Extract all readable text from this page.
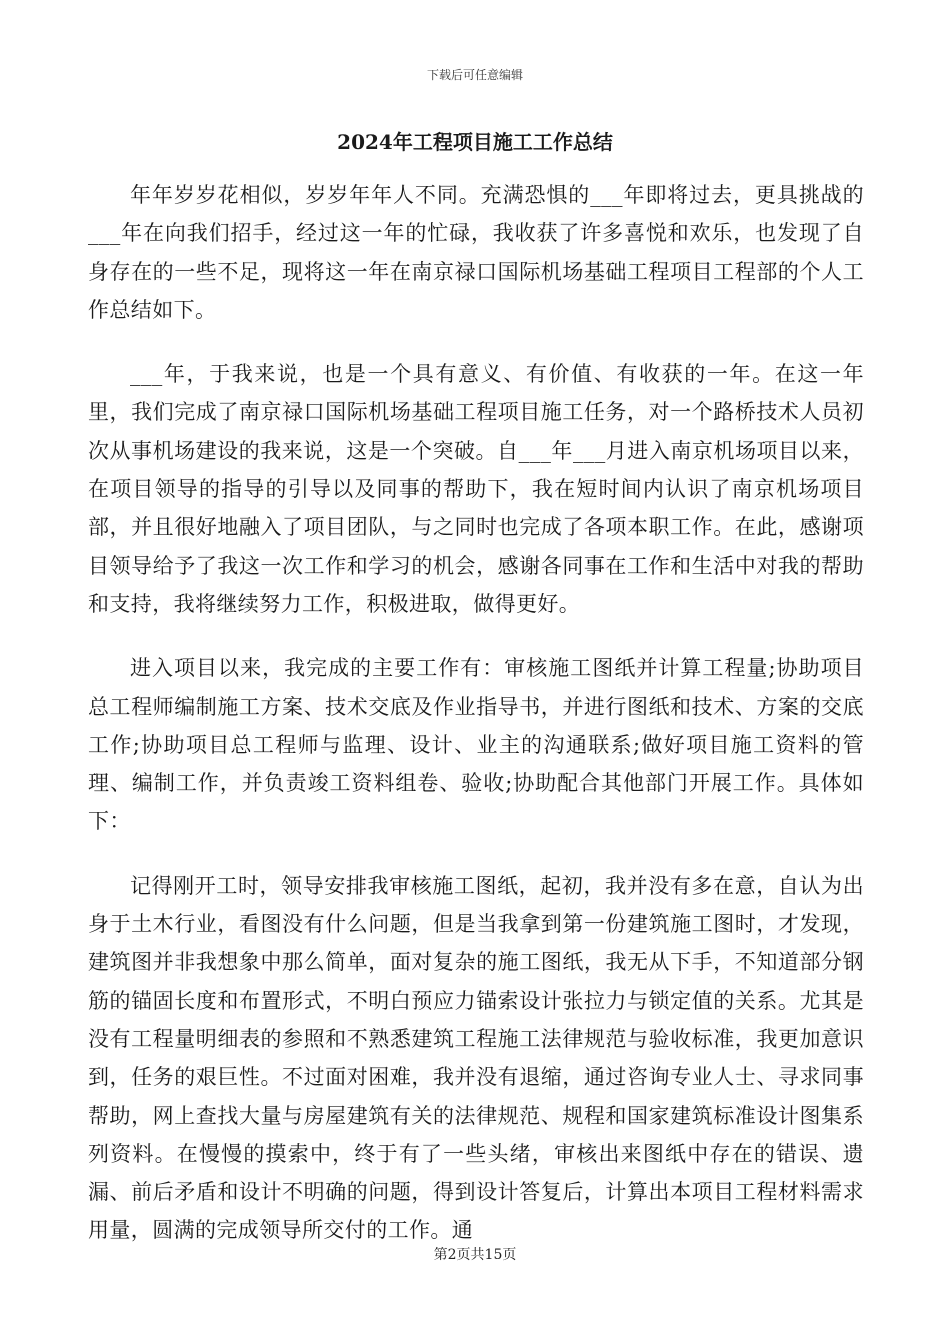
下载后可任意编辑
2024年工程项目施工工作总结

年年岁岁花相似，岁岁年年人不同。充满恐惧的___年即将过去，更具挑战的___年在向我们招手，经过这一年的忙碌，我收获了许多喜悦和欢乐，也发现了自身存在的一些不足，现将这一年在南京禄口国际机场基础工程项目工程部的个人工作总结如下。

___年，于我来说，也是一个具有意义、有价值、有收获的一年。在这一年里，我们完成了南京禄口国际机场基础工程项目施工任务，对一个路桥技术人员初次从事机场建设的我来说，这是一个突破。自___年___月进入南京机场项目以来，在项目领导的指导的引导以及同事的帮助下，我在短时间内认识了南京机场项目部，并且很好地融入了项目团队，与之同时也完成了各项本职工作。在此，感谢项目领导给予了我这一次工作和学习的机会，感谢各同事在工作和生活中对我的帮助和支持，我将继续努力工作，积极进取，做得更好。

进入项目以来，我完成的主要工作有：审核施工图纸并计算工程量;协助项目总工程师编制施工方案、技术交底及作业指导书，并进行图纸和技术、方案的交底工作;协助项目总工程师与监理、设计、业主的沟通联系;做好项目施工资料的管理、编制工作，并负责竣工资料组卷、验收;协助配合其他部门开展工作。具体如下：

记得刚开工时，领导安排我审核施工图纸，起初，我并没有多在意，自认为出身于土木行业，看图没有什么问题，但是当我拿到第一份建筑施工图时，才发现，建筑图并非我想象中那么简单，面对复杂的施工图纸，我无从下手，不知道部分钢筋的锚固长度和布置形式，不明白预应力锚索设计张拉力与锁定值的关系。尤其是没有工程量明细表的参照和不熟悉建筑工程施工法律规范与验收标准，我更加意识到，任务的艰巨性。不过面对困难，我并没有退缩，通过咨询专业人士、寻求同事帮助，网上查找大量与房屋建筑有关的法律规范、规程和国家建筑标准设计图集系列资料。在慢慢的摸索中，终于有了一些头绪，审核出来图纸中存在的错误、遗漏、前后矛盾和设计不明确的问题，得到设计答复后，计算出本项目工程材料需求用量，圆满的完成领导所交付的工作。通

第2页共15页
